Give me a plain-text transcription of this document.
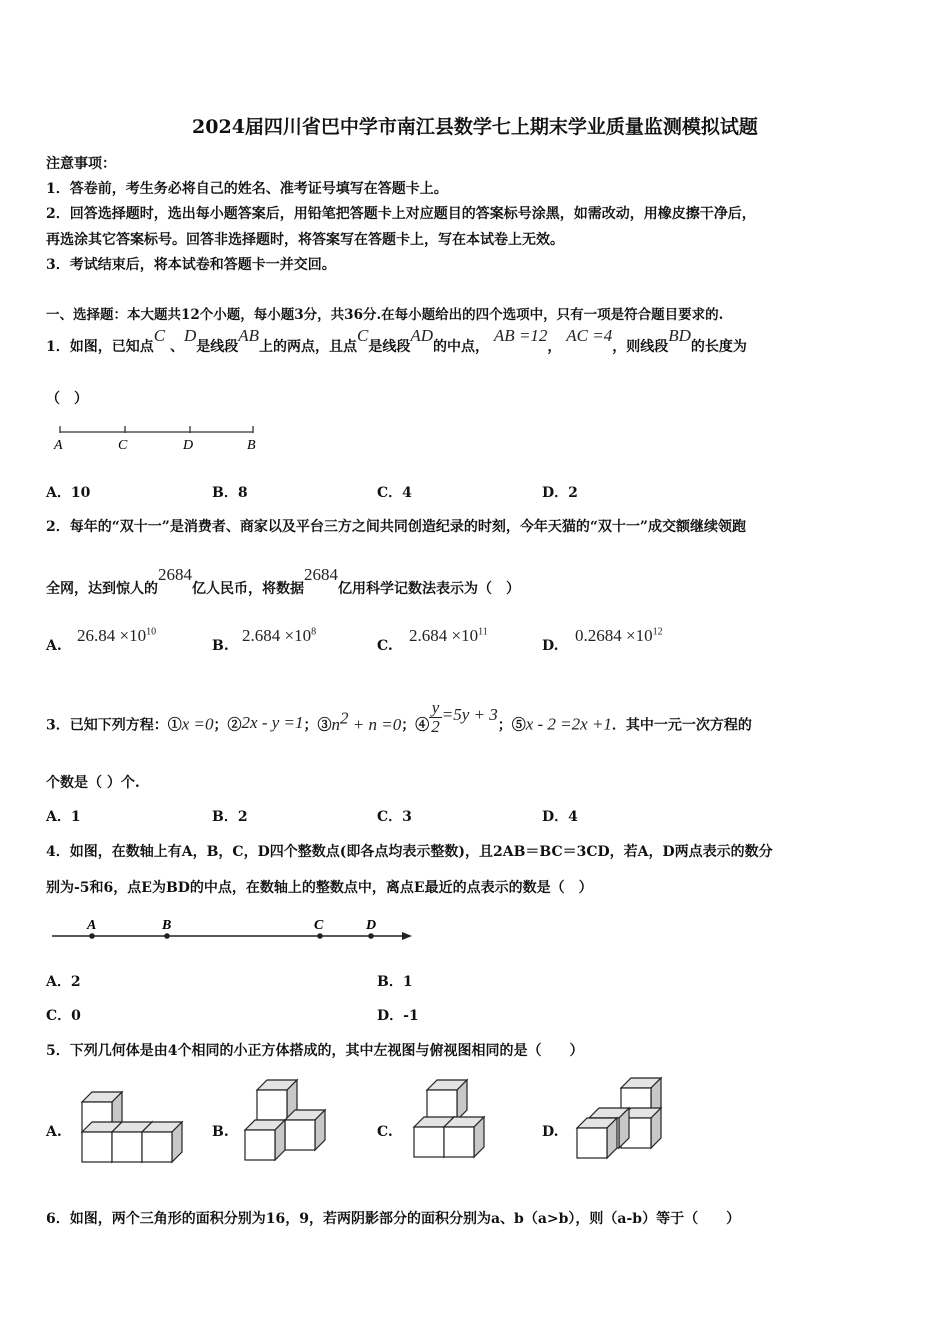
2024届四川省巴中学市南江县数学七上期末学业质量监测模拟试题
注意事项：
1．答卷前，考生务必将自己的姓名、准考证号填写在答题卡上。
2．回答选择题时，选出每小题答案后，用铅笔把答题卡上对应题目的答案标号涂黑，如需改动，用橡皮擦干净后，
再选涂其它答案标号。回答非选择题时，将答案写在答题卡上，写在本试卷上无效。
3．考试结束后，将本试卷和答题卡一并交回。
一、选择题：本大题共12个小题，每小题3分，共36分.在每小题给出的四个选项中，只有一项是符合题目要求的.
1．如图，已知点C 、D是线段AB上的两点，且点C是线段AD的中点， AB =12， AC =4，则线段BD的长度为
（　）
A	C	D	B
A．10	B．8	C．4	D．2
2．每年的“双十一”是消费者、商家以及平台三方之间共同创造纪录的时刻，今年天猫的“双十一”成交额继续领跑
全网，达到惊人的2684亿人民币，将数据2684亿用科学记数法表示为（　）
A.
$26.84 \times 10^{10}$
B.
$2.684 \times 10^8$
C.
$2.684 \times 10^{11}$
D.
$0.2684 \times 10^{12}$
3．已知下列方程：①x =0；②2x - y =1；$③n^2 + n =0$；④ $\frac{y}{2} =5y + 3$；⑤x - 2 =2x +1．其中一元一次方程的
个数是（ ）个.
A．1	B．2	C．3	D．4
4．如图，在数轴上有A，B，C，D四个整数点(即各点均表示整数)，且2AB＝BC＝3CD，若A，D两点表示的数分
别为-5和6，点E为BD的中点，在数轴上的整数点中，离点E最近的点表示的数是（　）
A	B	C	D
A．2	B．1
C．0	D．-1
5．下列几何体是由4个相同的小正方体搭成的，其中左视图与俯视图相同的是（　　）
A.	B.	C.	D.
6．如图，两个三角形的面积分别为16，9，若两阴影部分的面积分别为a、b（a>b），则（a-b）等于（　　）
